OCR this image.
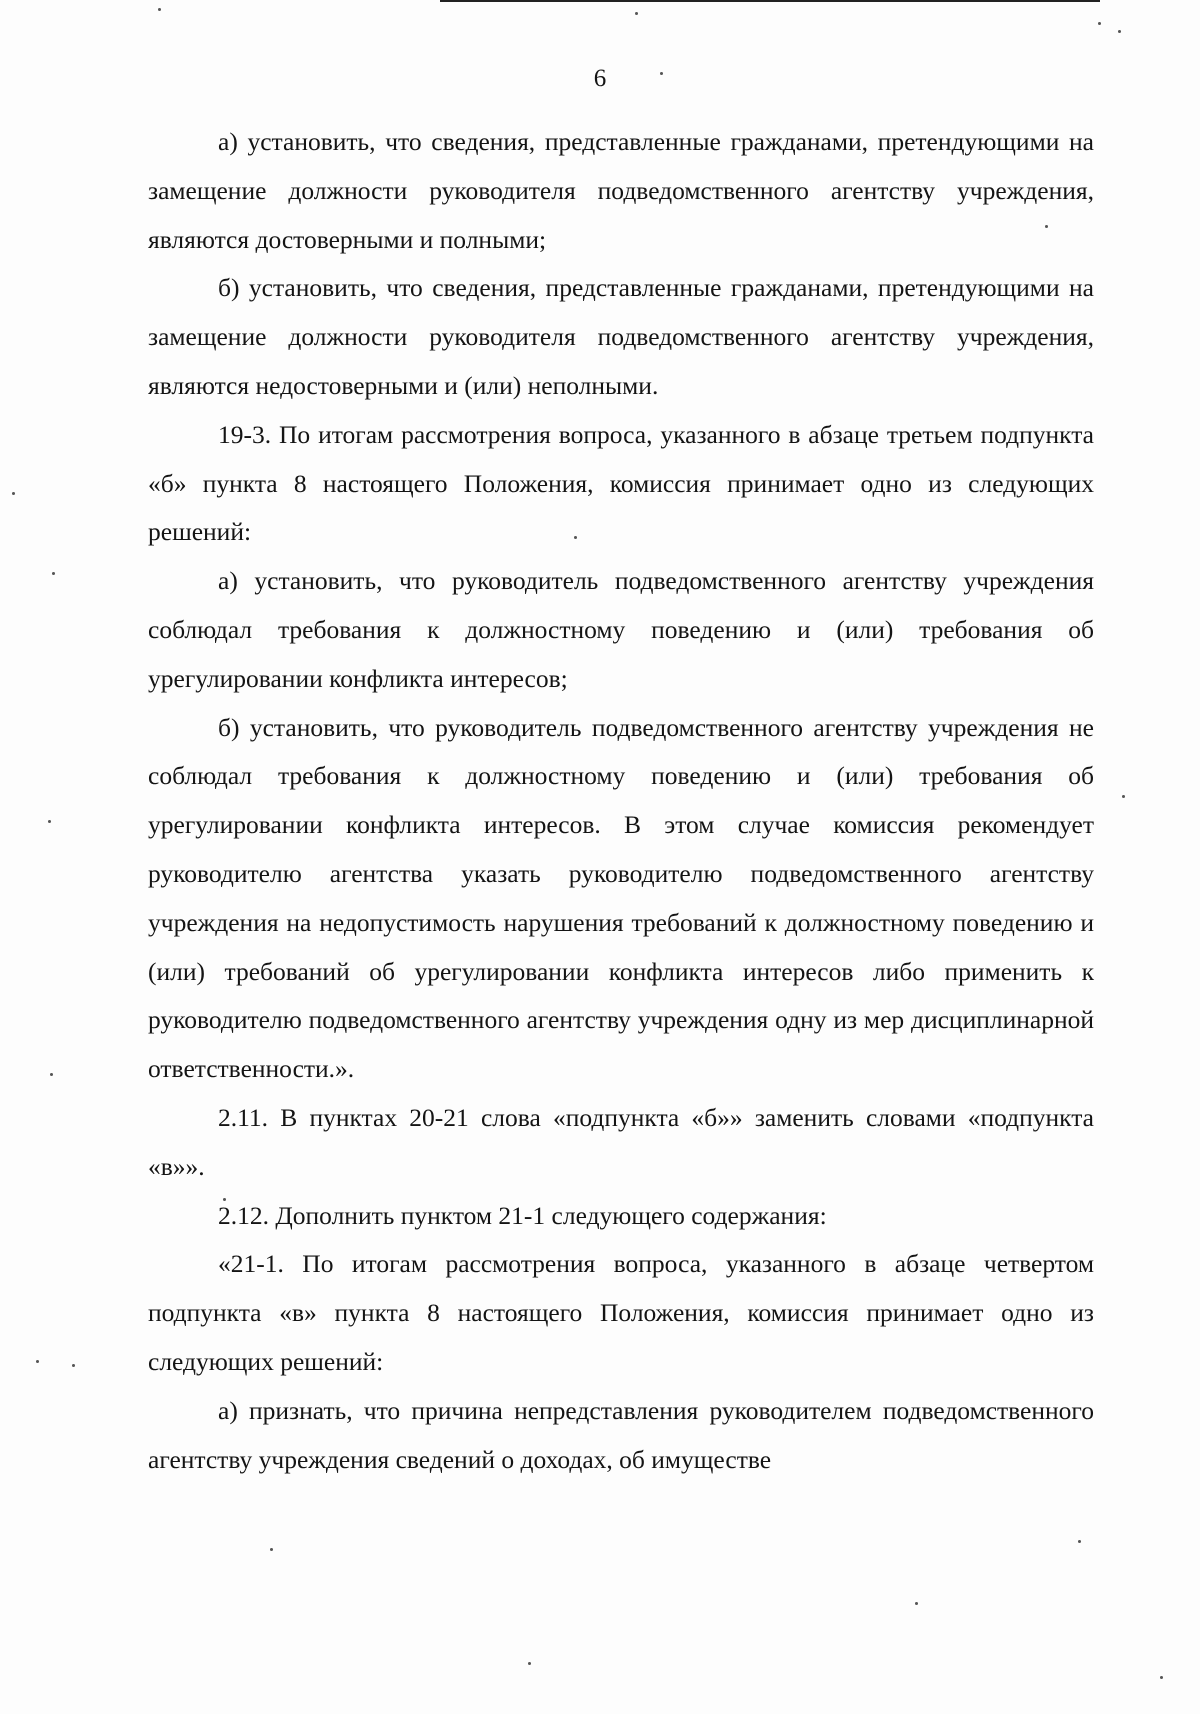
6

а) установить, что сведения, представленные гражданами, претендующими на замещение должности руководителя подведомственного агентству учреждения, являются достоверными и полными;

б) установить, что сведения, представленные гражданами, претендующими на замещение должности руководителя подведомственного агентству учреждения, являются недостоверными и (или) неполными.

19-3. По итогам рассмотрения вопроса, указанного в абзаце третьем подпункта «б» пункта 8 настоящего Положения, комиссия принимает одно из следующих решений:

а) установить, что руководитель подведомственного агентству учреждения соблюдал требования к должностному поведению и (или) требования об урегулировании конфликта интересов;

б) установить, что руководитель подведомственного агентству учреждения не соблюдал требования к должностному поведению и (или) требования об урегулировании конфликта интересов. В этом случае комиссия рекомендует руководителю агентства указать руководителю подведомственного агентству учреждения на недопустимость нарушения требований к должностному поведению и (или) требований об урегулировании конфликта интересов либо применить к руководителю подведомственного агентству учреждения одну из мер дисциплинарной ответственности.».

2.11. В пунктах 20-21 слова «подпункта «б»» заменить словами «подпункта «в»».

2.12. Дополнить пунктом 21-1 следующего содержания:

«21-1. По итогам рассмотрения вопроса, указанного в абзаце четвертом подпункта «в» пункта 8 настоящего Положения, комиссия принимает одно из следующих решений:

а) признать, что причина непредставления руководителем подведомственного агентству учреждения сведений о доходах, об имуществе
